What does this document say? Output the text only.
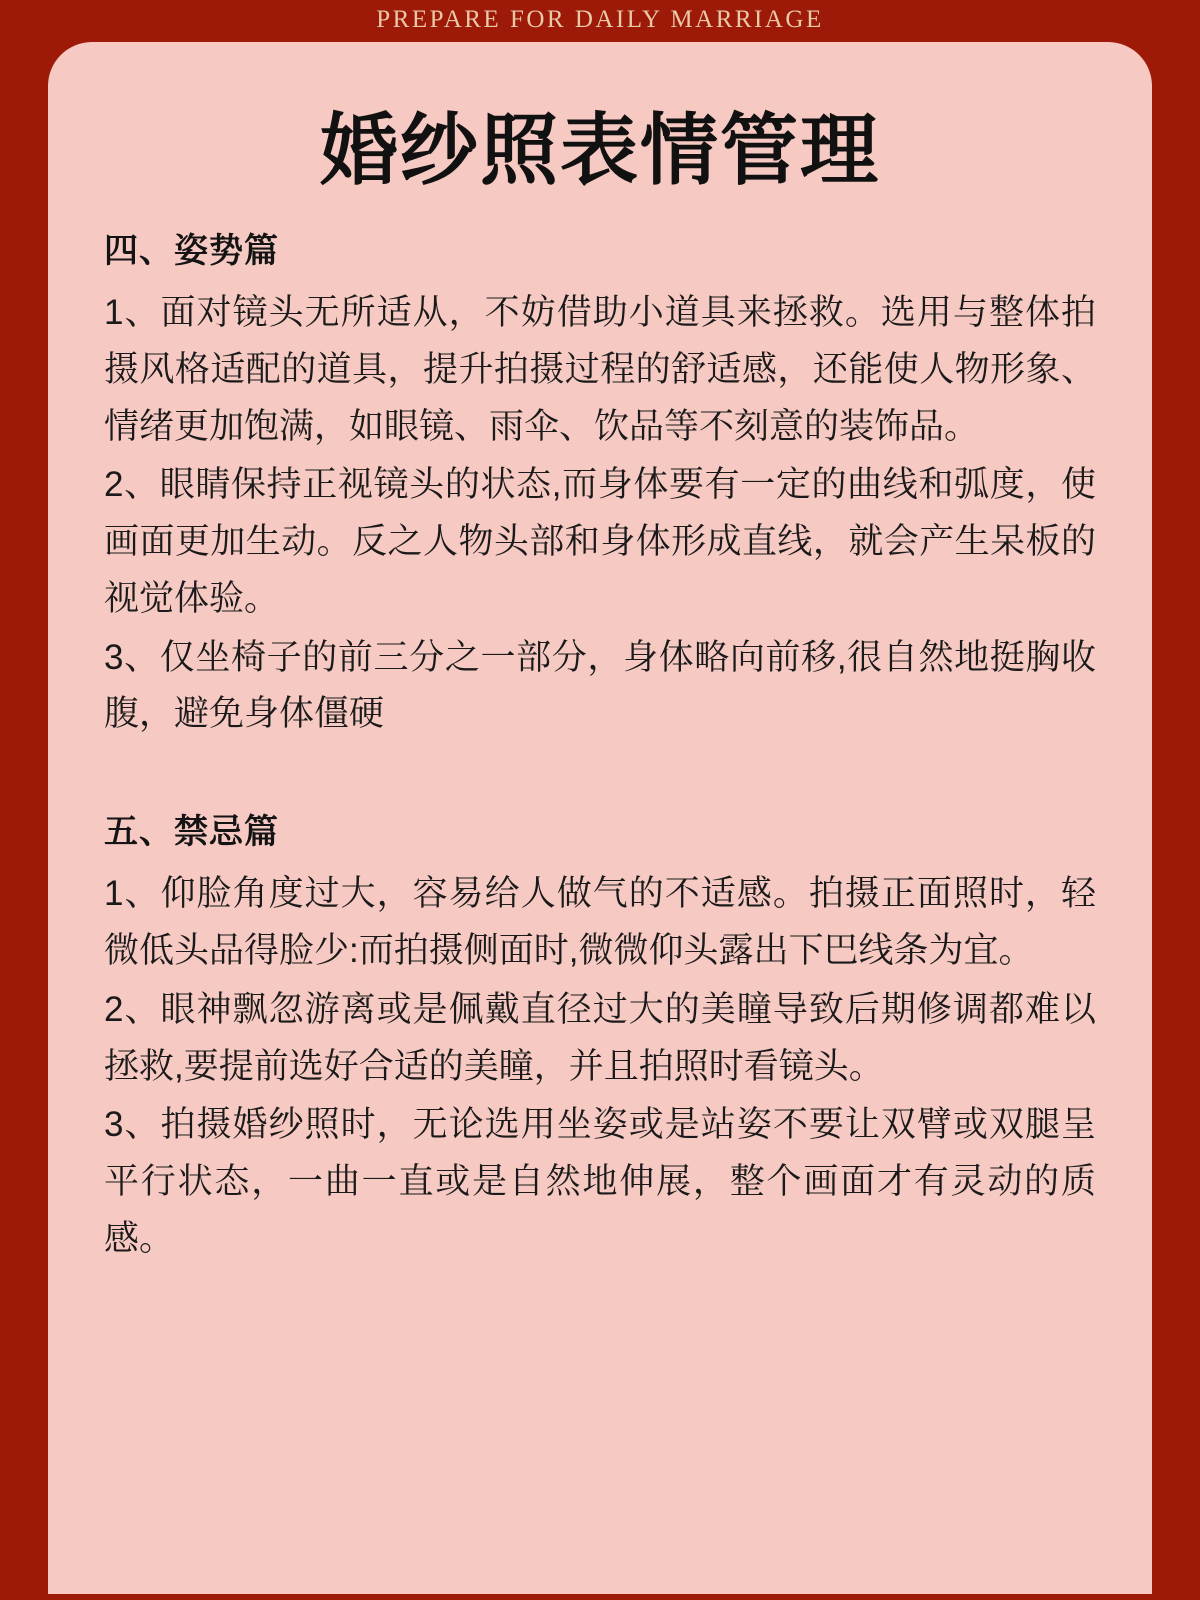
PREPARE FOR DAILY MARRIAGE
婚纱照表情管理
四、姿势篇

1、面对镜头无所适从，不妨借助小道具来拯救。选用与整体拍摄风格适配的道具，提升拍摄过程的舒适感，还能使人物形象、情绪更加饱满，如眼镜、雨伞、饮品等不刻意的装饰品。

2、眼睛保持正视镜头的状态,而身体要有一定的曲线和弧度，使画面更加生动。反之人物头部和身体形成直线，就会产生呆板的视觉体验。

3、仅坐椅子的前三分之一部分，身体略向前移,很自然地挺胸收腹，避免身体僵硬

五、禁忌篇

1、仰脸角度过大，容易给人做气的不适感。拍摄正面照时，轻微低头品得脸少:而拍摄侧面时,微微仰头露出下巴线条为宜。

2、眼神飘忽游离或是佩戴直径过大的美瞳导致后期修调都难以拯救,要提前选好合适的美瞳，并且拍照时看镜头。

3、拍摄婚纱照时，无论选用坐姿或是站姿不要让双臂或双腿呈平行状态，一曲一直或是自然地伸展，整个画面才有灵动的质感。
